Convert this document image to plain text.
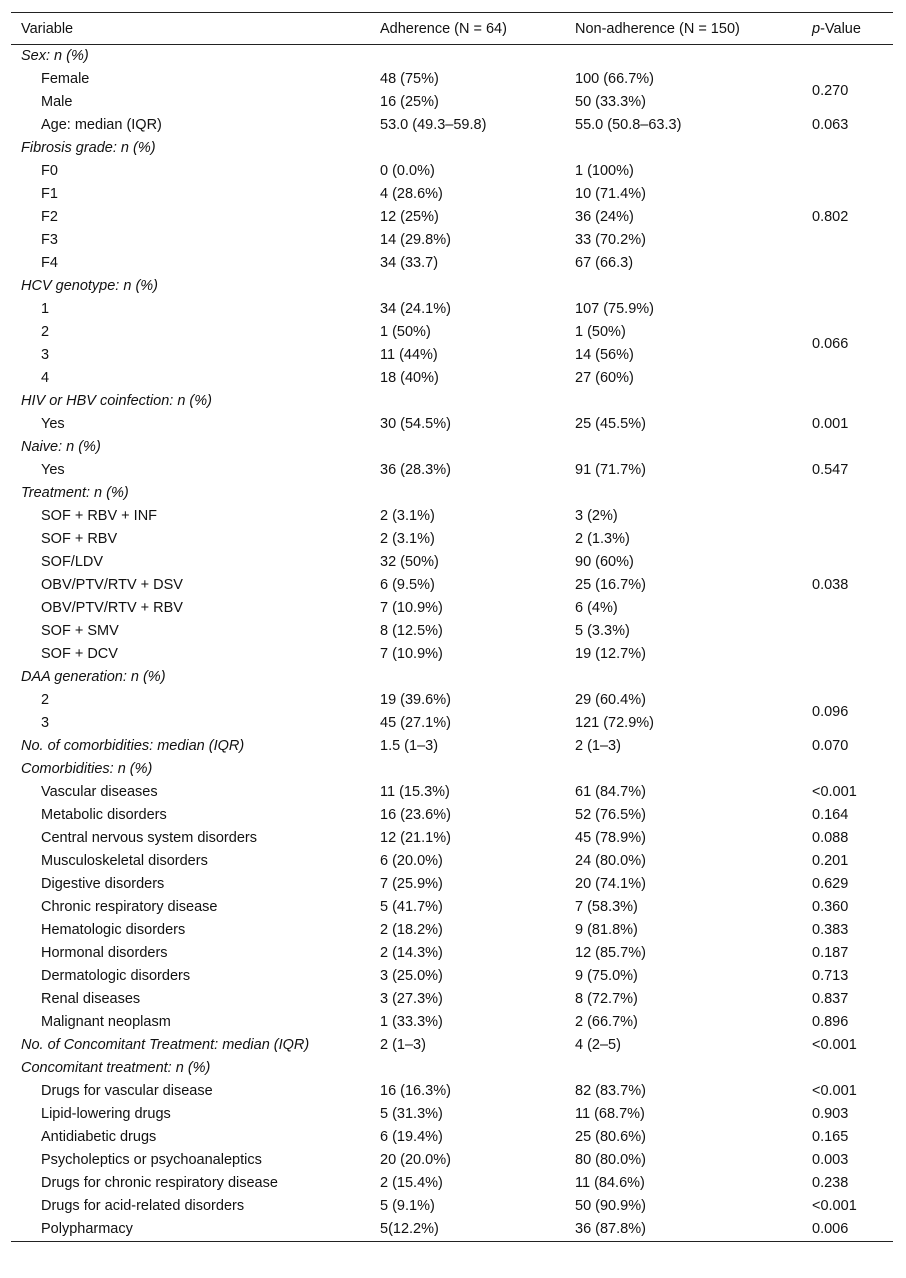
Variable	Adherence (N = 64)	Non-adherence (N = 150)	p-Value
Sex: n (%)			
Female	48 (75%)	100 (66.7%)	0.270
Male	16 (25%)	50 (33.3%)	
Age: median (IQR)	53.0 (49.3–59.8)	55.0 (50.8–63.3)	0.063
Fibrosis grade: n (%)			
F0	0 (0.0%)	1 (100%)	0.802
F1	4 (28.6%)	10 (71.4%)	
F2	12 (25%)	36 (24%)	
F3	14 (29.8%)	33 (70.2%)	
F4	34 (33.7)	67 (66.3)	
HCV genotype: n (%)			
1	34 (24.1%)	107 (75.9%)	0.066
2	1 (50%)	1 (50%)	
3	11 (44%)	14 (56%)	
4	18 (40%)	27 (60%)	
HIV or HBV coinfection: n (%)			
Yes	30 (54.5%)	25 (45.5%)	0.001
Naive: n (%)			
Yes	36 (28.3%)	91 (71.7%)	0.547
Treatment: n (%)			
SOF + RBV + INF	2 (3.1%)	3 (2%)	0.038
SOF + RBV	2 (3.1%)	2 (1.3%)	
SOF/LDV	32 (50%)	90 (60%)	
OBV/PTV/RTV + DSV	6 (9.5%)	25 (16.7%)	
OBV/PTV/RTV + RBV	7 (10.9%)	6 (4%)	
SOF + SMV	8 (12.5%)	5 (3.3%)	
SOF + DCV	7 (10.9%)	19 (12.7%)	
DAA generation: n (%)			
2	19 (39.6%)	29 (60.4%)	0.096
3	45 (27.1%)	121 (72.9%)	
No. of comorbidities: median (IQR)	1.5 (1–3)	2 (1–3)	0.070
Comorbidities: n (%)			
Vascular diseases	11 (15.3%)	61 (84.7%)	<0.001
Metabolic disorders	16 (23.6%)	52 (76.5%)	0.164
Central nervous system disorders	12 (21.1%)	45 (78.9%)	0.088
Musculoskeletal disorders	6 (20.0%)	24 (80.0%)	0.201
Digestive disorders	7 (25.9%)	20 (74.1%)	0.629
Chronic respiratory disease	5 (41.7%)	7 (58.3%)	0.360
Hematologic disorders	2 (18.2%)	9 (81.8%)	0.383
Hormonal disorders	2 (14.3%)	12 (85.7%)	0.187
Dermatologic disorders	3 (25.0%)	9 (75.0%)	0.713
Renal diseases	3 (27.3%)	8 (72.7%)	0.837
Malignant neoplasm	1 (33.3%)	2 (66.7%)	0.896
No. of Concomitant Treatment: median (IQR)	2 (1–3)	4 (2–5)	<0.001
Concomitant treatment: n (%)			
Drugs for vascular disease	16 (16.3%)	82 (83.7%)	<0.001
Lipid-lowering drugs	5 (31.3%)	11 (68.7%)	0.903
Antidiabetic drugs	6 (19.4%)	25 (80.6%)	0.165
Psycholeptics or psychoanaleptics	20 (20.0%)	80 (80.0%)	0.003
Drugs for chronic respiratory disease	2 (15.4%)	11 (84.6%)	0.238
Drugs for acid-related disorders	5 (9.1%)	50 (90.9%)	<0.001
Polypharmacy	5(12.2%)	36 (87.8%)	0.006
